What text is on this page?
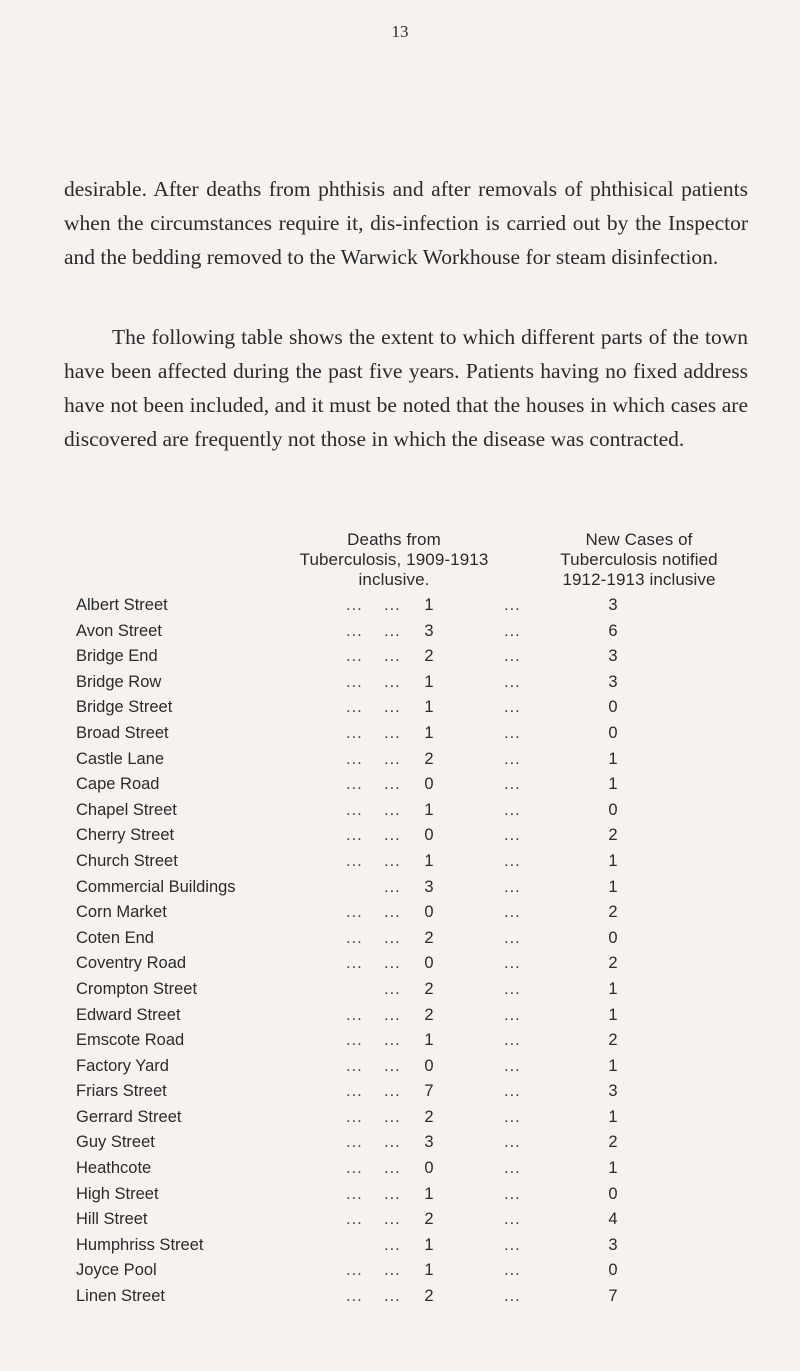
13

desirable. After deaths from phthisis and after removals of phthisical patients when the circumstances require it, dis-infection is carried out by the Inspector and the bedding removed to the Warwick Workhouse for steam disinfection.

The following table shows the extent to which different parts of the town have been affected during the past five years. Patients having no fixed address have not been included, and it must be noted that the houses in which cases are discovered are frequently not those in which the disease was contracted.

Deaths from
Tuberculosis, 1909-1913
inclusive.
New Cases of
Tuberculosis notified
1912-1913 inclusive
Albert Street	... ... 1	...	3
Avon Street	... ... 3	...	6
Bridge End	... ... 2	...	3
Bridge Row	... ... 1	...	3
Bridge Street	... ... 1	...	0
Broad Street	... ... 1	...	0
Castle Lane	... ... 2	...	1
Cape Road	... ... 0	...	1
Chapel Street	... ... 1	...	0
Cherry Street	... ... 0	...	2
Church Street	... ... 1	...	1
Commercial Buildings	... 3	...	1
Corn Market	... ... 0	...	2
Coten End	... ... 2	...	0
Coventry Road	... ... 0	...	2
Crompton Street	... 2	...	1
Edward Street	... ... 2	...	1
Emscote Road	... ... 1	...	2
Factory Yard	... ... 0	...	1
Friars Street	... ... 7	...	3
Gerrard Street	... ... 2	...	1
Guy Street	... ... 3	...	2
Heathcote	... ... 0	...	1
High Street	... ... 1	...	0
Hill Street	... ... 2	...	4
Humphriss Street	... 1	...	3
Joyce Pool	... ... 1	...	0
Linen Street	... ... 2	...	7
